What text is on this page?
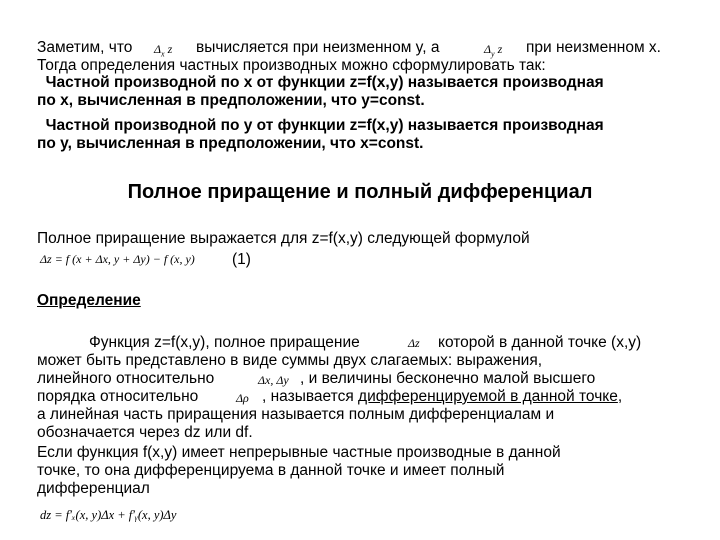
Заметим, что $\Delta_x$ z вычисляется при неизменном y, а	$\Delta_y$ z при неизменном x.
Тогда определения частных производных можно сформулировать так:
Частной производной по x от функции z=f(x,y) называется производная
по x, вычисленная в предположении, что y=const.
Частной производной по y от функции z=f(x,y) называется производная
по y, вычисленная в предположении, что x=const.
Полное приращение и полный дифференциал
Полное приращение выражается для z=f(x,y) следующей формулой
Δz = f (x + Δx, y + Δy) − f (x, y) (1)
Определение
Функция z=f(x,y), полное приращение	Δz которой в данной точке (x,y)
может быть представлено в виде суммы двух слагаемых: выражения,
линейного относительно	Δx, Δy , и величины бесконечно малой высшего
порядка относительно	Δρ , называется дифференцируемой в данной точке,
а линейная часть приращения называется полным дифференциалам и
обозначается через dz или df.
Если функция f(x,y) имеет непрерывные частные производные в данной
точке, то она дифференцируема в данной точке и имеет полный
дифференциал
dz = f′ₓ(x, y)Δx + f′ᵧ(x, y)Δy
